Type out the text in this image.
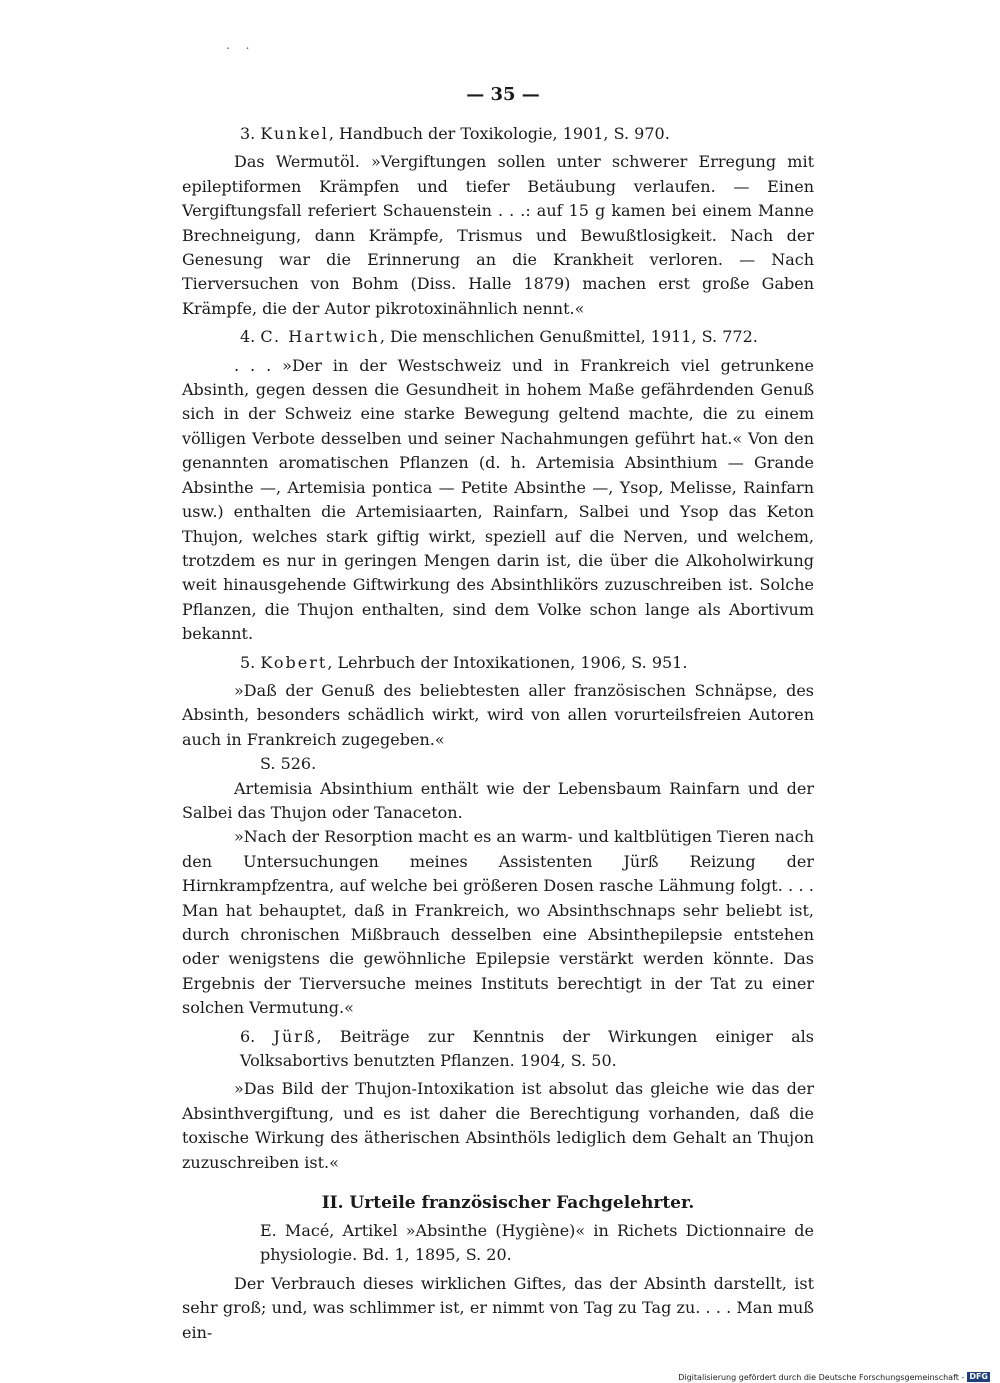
. .
— 35 —

3. Kunkel, Handbuch der Toxikologie, 1901, S. 970.

Das Wermutöl. »Vergiftungen sollen unter schwerer Erregung mit epileptiformen Krämpfen und tiefer Betäubung verlaufen. — Einen Vergiftungsfall referiert Schauenstein . . .: auf 15 g kamen bei einem Manne Brechneigung, dann Krämpfe, Trismus und Bewußtlosigkeit. Nach der Genesung war die Erinnerung an die Krankheit verloren. — Nach Tierversuchen von Bohm (Diss. Halle 1879) machen erst große Gaben Krämpfe, die der Autor pikrotoxinähnlich nennt.«

4. C. Hartwich, Die menschlichen Genußmittel, 1911, S. 772.

. . . »Der in der Westschweiz und in Frankreich viel getrunkene Absinth, gegen dessen die Gesundheit in hohem Maße gefährdenden Genuß sich in der Schweiz eine starke Bewegung geltend machte, die zu einem völligen Verbote desselben und seiner Nachahmungen geführt hat.« Von den genannten aromatischen Pflanzen (d. h. Artemisia Absinthium — Grande Absinthe —, Artemisia pontica — Petite Absinthe —, Ysop, Melisse, Rainfarn usw.) enthalten die Artemisiaarten, Rainfarn, Salbei und Ysop das Keton Thujon, welches stark giftig wirkt, speziell auf die Nerven, und welchem, trotzdem es nur in geringen Mengen darin ist, die über die Alkoholwirkung weit hinausgehende Giftwirkung des Absinthlikörs zuzuschreiben ist. Solche Pflanzen, die Thujon enthalten, sind dem Volke schon lange als Abortivum bekannt.

5. Kobert, Lehrbuch der Intoxikationen, 1906, S. 951.

»Daß der Genuß des beliebtesten aller französischen Schnäpse, des Absinth, besonders schädlich wirkt, wird von allen vorurteilsfreien Autoren auch in Frankreich zugegeben.«

S. 526.

Artemisia Absinthium enthält wie der Lebensbaum Rainfarn und der Salbei das Thujon oder Tanaceton.

»Nach der Resorption macht es an warm- und kaltblütigen Tieren nach den Untersuchungen meines Assistenten Jürß Reizung der Hirnkrampfzentra, auf welche bei größeren Dosen rasche Lähmung folgt. . . . Man hat behauptet, daß in Frankreich, wo Absinthschnaps sehr beliebt ist, durch chronischen Mißbrauch desselben eine Absinthepilepsie entstehen oder wenigstens die gewöhnliche Epilepsie verstärkt werden könnte. Das Ergebnis der Tierversuche meines Instituts berechtigt in der Tat zu einer solchen Vermutung.«

6. Jürß, Beiträge zur Kenntnis der Wirkungen einiger als Volksabortivs benutzten Pflanzen. 1904, S. 50.

»Das Bild der Thujon-Intoxikation ist absolut das gleiche wie das der Absinthvergiftung, und es ist daher die Berechtigung vorhanden, daß die toxische Wirkung des ätherischen Absinthöls lediglich dem Gehalt an Thujon zuzuschreiben ist.«

II. Urteile französischer Fachgelehrter.

E. Macé, Artikel »Absinthe (Hygiène)« in Richets Dictionnaire de physiologie. Bd. 1, 1895, S. 20.

Der Verbrauch dieses wirklichen Giftes, das der Absinth darstellt, ist sehr groß; und, was schlimmer ist, er nimmt von Tag zu Tag zu. . . . Man muß ein-

Digitalisierung gefördert durch die Deutsche Forschungsgemeinschaft - DFG
